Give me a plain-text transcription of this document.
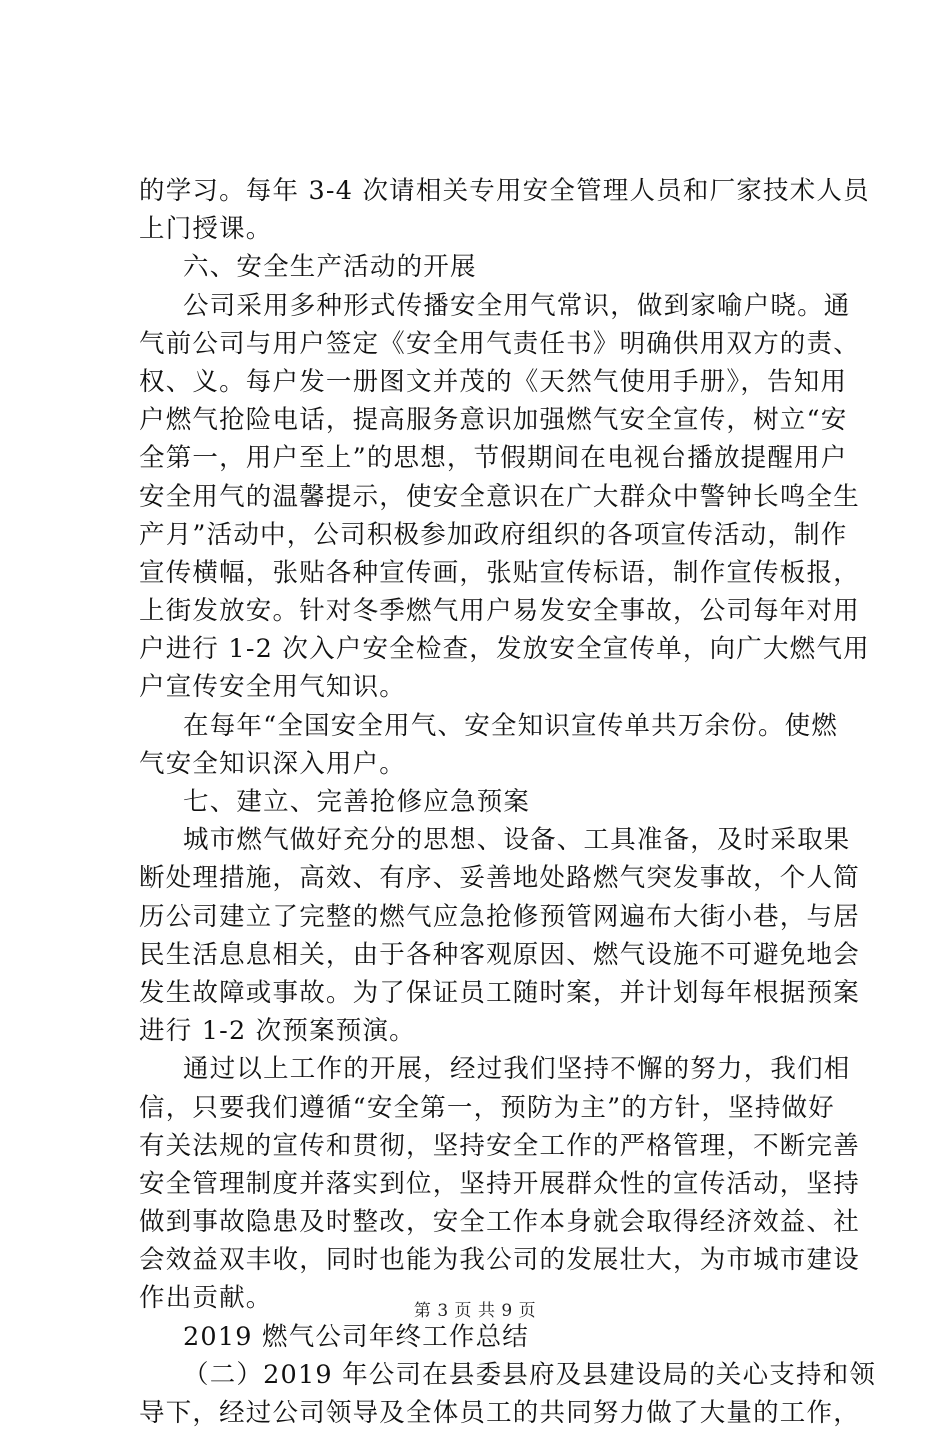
的学习。每年 3-4 次请相关专用安全管理人员和厂家技术人员
上门授课。
六、安全生产活动的开展
公司采用多种形式传播安全用气常识，做到家喻户晓。通
气前公司与用户签定《安全用气责任书》明确供用双方的责、
权、义。每户发一册图文并茂的《天然气使用手册》，告知用
户燃气抢险电话，提高服务意识加强燃气安全宣传，树立“安
全第一，用户至上”的思想，节假期间在电视台播放提醒用户
安全用气的温馨提示，使安全意识在广大群众中警钟长鸣全生
产月”活动中，公司积极参加政府组织的各项宣传活动，制作
宣传横幅，张贴各种宣传画，张贴宣传标语，制作宣传板报，
上街发放安。针对冬季燃气用户易发安全事故，公司每年对用
户进行 1-2 次入户安全检查，发放安全宣传单，向广大燃气用
户宣传安全用气知识。
在每年“全国安全用气、安全知识宣传单共万余份。使燃
气安全知识深入用户。
七、建立、完善抢修应急预案
城市燃气做好充分的思想、设备、工具准备，及时采取果
断处理措施，高效、有序、妥善地处路燃气突发事故，个人简
历公司建立了完整的燃气应急抢修预管网遍布大街小巷，与居
民生活息息相关，由于各种客观原因、燃气设施不可避免地会
发生故障或事故。为了保证员工随时案，并计划每年根据预案
进行 1-2 次预案预演。
通过以上工作的开展，经过我们坚持不懈的努力，我们相
信，只要我们遵循“安全第一，预防为主”的方针，坚持做好
有关法规的宣传和贯彻，坚持安全工作的严格管理，不断完善
安全管理制度并落实到位，坚持开展群众性的宣传活动，坚持
做到事故隐患及时整改，安全工作本身就会取得经济效益、社
会效益双丰收，同时也能为我公司的发展壮大，为市城市建设
作出贡献。
2019 燃气公司年终工作总结
（二）2019 年公司在县委县府及县建设局的关心支持和领
导下，经过公司领导及全体员工的共同努力做了大量的工作，
第 3 页 共 9 页
